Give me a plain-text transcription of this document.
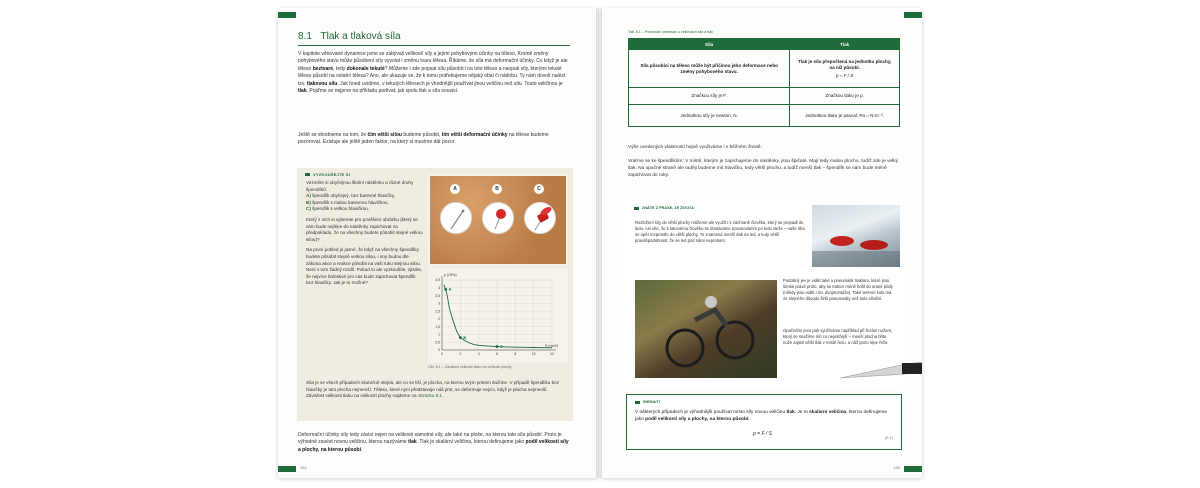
8.1 Tlak a tlaková síla
V kapitole věnované dynamice jsme se zabývali velikostí síly a jejími pohybovými účinky na těleso. Kromě změny pohybového stavu může působení síly vyvolat i změnu tvaru tělesa. Říkáme, že síla má deformační účinky. Co když je ale těleso beztvaré, tedy dokonale tekuté? Můžeme i zde popsat sílu působící na toto těleso a naopak síly, kterými tekuté těleso působí na ostatní tělesa? Ano, ale ukazuje se, že k tomu potřebujeme nějaký obal či nádobu. Ty nám dovolí nalézt tzv. tlakovou sílu. Jak hned uvidíme, v tekutých tělesech je vhodnější používat jinou veličinu než sílu. Touto veličinou je tlak. Pojďme se nejprve na příkladu podívat, jak spolu tlak a síla souvisí.
Ještě se shodneme na tom, že čím větší silou budeme působit, tím větší deformační účinky na tělese budeme pozorovat. Existuje ale ještě jeden faktor, na který si musíme dát pozor.
VYZKOUŠEJTE SI
Vezměte si obyčejnou školní nástěnku a různé druhy špendlíků:
A) špendlík obyčejný, bez barevné hlavičky,
B) špendlík s malou barevnou hlavičkou,
C) špendlík s velkou hlavičkou.
Který z nich si vyberete pro pověšení obrázku (který se vám bude nejlépe do nástěnky zapichovat za předpokladu, že na všechny budete působit stejně velkou silou)?
Na první pohled je jasné, že když na všechny špendlíky budete působit stejně velkou silou, i ony budou dle zákona akce a reakce působit na vaši ruku stejnou silou. Není v tom žádný rozdíl. Pokud to ale vyzkoušíte, zjistíte, že nejvíce bolestivé pro vás bude zapichovat špendlík bez hlavičky. Jak je to možné?
A	B	C
0	2	4	6	8	10	12
0
0,5
1
1,5
2
2,5
3
3,5
4
4,5
A
B
C
p (GPa)
S (mm²)
Obr. 8.1 – Závislost velikosti tlaku na velikosti plochy
Síla je ve všech případech skutečně stejná, ale co se liší, je plocha, na kterou svým prstem tlačíme. V případě špendlíku bez hlavičky je tato plocha nejmenší. Těleso, které nyní představuje náš prst, se deformuje nejvíc, když je plocha nejmenší. Závislost velikosti tlaku na velikosti plochy najdeme na obrázku 8.1.
Deformační účinky síly tedy závisí nejen na velikosti samotné síly, ale také na ploše, na kterou tato síla působí. Proto je výhodné zavést novou veličinu, kterou nazýváme tlak. Tlak je skalární veličina, kterou definujeme jako podíl velikosti síly a plochy, na kterou působí.
182
Tab. 8.1 – Porovnání informací o veličinách síla a tlak
Síla	Tlak
Síla působící na těleso může být příčinou jeho deformace nebo změny pohybového stavu.	Tlak je síla přepočtená na jednotku plochy, na niž působí.
p = F / S

Značkou síly je F.	Značkou tlaku je p.
Jednotkou síly je newton: N.	Jednotkou tlaku je pascal: Pa = N·m⁻².
Výše uvedených vlastností hojně využíváme i v běžném životě.
Vraťme se ke špendlíkům: V místě, kterým je zapichujeme do nástěnky, jsou špičaté. Mají tedy malou plochu, tudíž zde je velký tlak. Na opačné straně ale raději budeme mít hlavičku, tedy větší plochu, a tudíž menší tlak – špendlík se nám bude méně zapichovat do ruky.
ZNÁTE Z PRAXE, ZE ŽIVOTA
Rozložení síly do větší plochy můžeme ale využít i k záchraně člověka, který se propadl do ledu. Asi víte, že k takovému člověku se dostáváme posunováním po ledu vleže – naše tíha se opět rozprostře do větší plochy. To znamená menší tlak na led, a tedy větší pravděpodobnost, že se led pod námi neprolomí.
Podobný jev je vidět také u pneumatik traktoru, které jsou široké právě proto, aby se traktor méně bořil do orané půdy (někdy jsou vidět i tzv. dvojmontáže). Také terénní kolo má ze stejného důvodu širší pneumatiky než kolo silniční.
Opačného jevu pak využíváme například při řezání nožem, který se snažíme mít co nejostřejší – menší plocha břitu nože zajistí větší tlak v místě řezu, a nůž proto lépe řeže.
SHRNUTÍ
V některých případech je výhodnější používat místo síly novou veličinu tlak. Je to skalární veličina, kterou definujeme jako podíl velikosti síly a plochy, na kterou působí:
p = F / S
(8.1)
183
